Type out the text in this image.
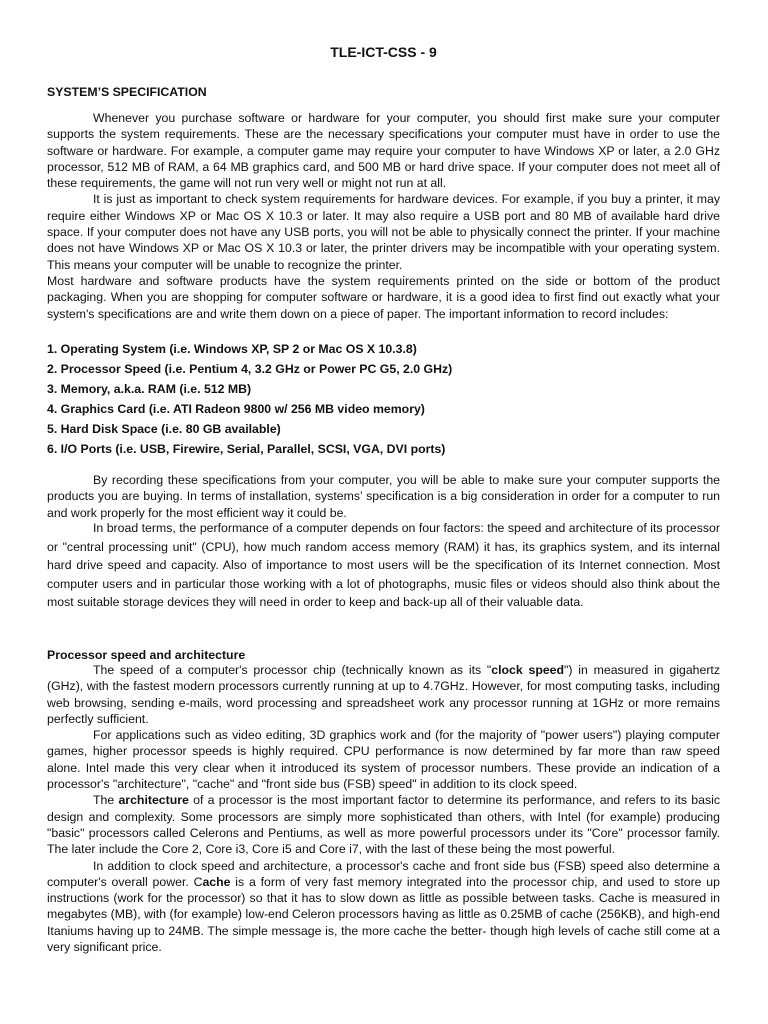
TLE-ICT-CSS - 9
SYSTEM’S SPECIFICATION

Whenever you purchase software or hardware for your computer, you should first make sure your computer supports the system requirements. These are the necessary specifications your computer must have in order to use the software or hardware. For example, a computer game may require your computer to have Windows XP or later, a 2.0 GHz processor, 512 MB of RAM, a 64 MB graphics card, and 500 MB or hard drive space. If your computer does not meet all of these requirements, the game will not run very well or might not run at all.

It is just as important to check system requirements for hardware devices. For example, if you buy a printer, it may require either Windows XP or Mac OS X 10.3 or later. It may also require a USB port and 80 MB of available hard drive space. If your computer does not have any USB ports, you will not be able to physically connect the printer. If your machine does not have Windows XP or Mac OS X 10.3 or later, the printer drivers may be incompatible with your operating system. This means your computer will be unable to recognize the printer.

Most hardware and software products have the system requirements printed on the side or bottom of the product packaging. When you are shopping for computer software or hardware, it is a good idea to first find out exactly what your system's specifications are and write them down on a piece of paper. The important information to record includes:

1. Operating System (i.e. Windows XP, SP 2 or Mac OS X 10.3.8)
2. Processor Speed (i.e. Pentium 4, 3.2 GHz or Power PC G5, 2.0 GHz)
3. Memory, a.k.a. RAM (i.e. 512 MB)
4. Graphics Card (i.e. ATI Radeon 9800 w/ 256 MB video memory)
5. Hard Disk Space (i.e. 80 GB available)
6. I/O Ports (i.e. USB, Firewire, Serial, Parallel, SCSI, VGA, DVI ports)

By recording these specifications from your computer, you will be able to make sure your computer supports the products you are buying. In terms of installation, systems’ specification is a big consideration in order for a computer to run and work properly for the most efficient way it could be.

In broad terms, the performance of a computer depends on four factors: the speed and architecture of its processor or "central processing unit" (CPU), how much random access memory (RAM) it has, its graphics system, and its internal hard drive speed and capacity. Also of importance to most users will be the specification of its Internet connection. Most computer users and in particular those working with a lot of photographs, music files or videos should also think about the most suitable storage devices they will need in order to keep and back-up all of their valuable data.

Processor speed and architecture

The speed of a computer's processor chip (technically known as its "clock speed") in measured in gigahertz (GHz), with the fastest modern processors currently running at up to 4.7GHz. However, for most computing tasks, including web browsing, sending e-mails, word processing and spreadsheet work any processor running at 1GHz or more remains perfectly sufficient.

For applications such as video editing, 3D graphics work and (for the majority of "power users") playing computer games, higher processor speeds is highly required. CPU performance is now determined by far more than raw speed alone. Intel made this very clear when it introduced its system of processor numbers. These provide an indication of a processor's "architecture", "cache" and "front side bus (FSB) speed" in addition to its clock speed.

The architecture of a processor is the most important factor to determine its performance, and refers to its basic design and complexity. Some processors are simply more sophisticated than others, with Intel (for example) producing "basic" processors called Celerons and Pentiums, as well as more powerful processors under its "Core" processor family. The later include the Core 2, Core i3, Core i5 and Core i7, with the last of these being the most powerful.

In addition to clock speed and architecture, a processor's cache and front side bus (FSB) speed also determine a computer's overall power. Cache is a form of very fast memory integrated into the processor chip, and used to store up instructions (work for the processor) so that it has to slow down as little as possible between tasks. Cache is measured in megabytes (MB), with (for example) low-end Celeron processors having as little as 0.25MB of cache (256KB), and high-end Itaniums having up to 24MB. The simple message is, the more cache the better- though high levels of cache still come at a very significant price.
